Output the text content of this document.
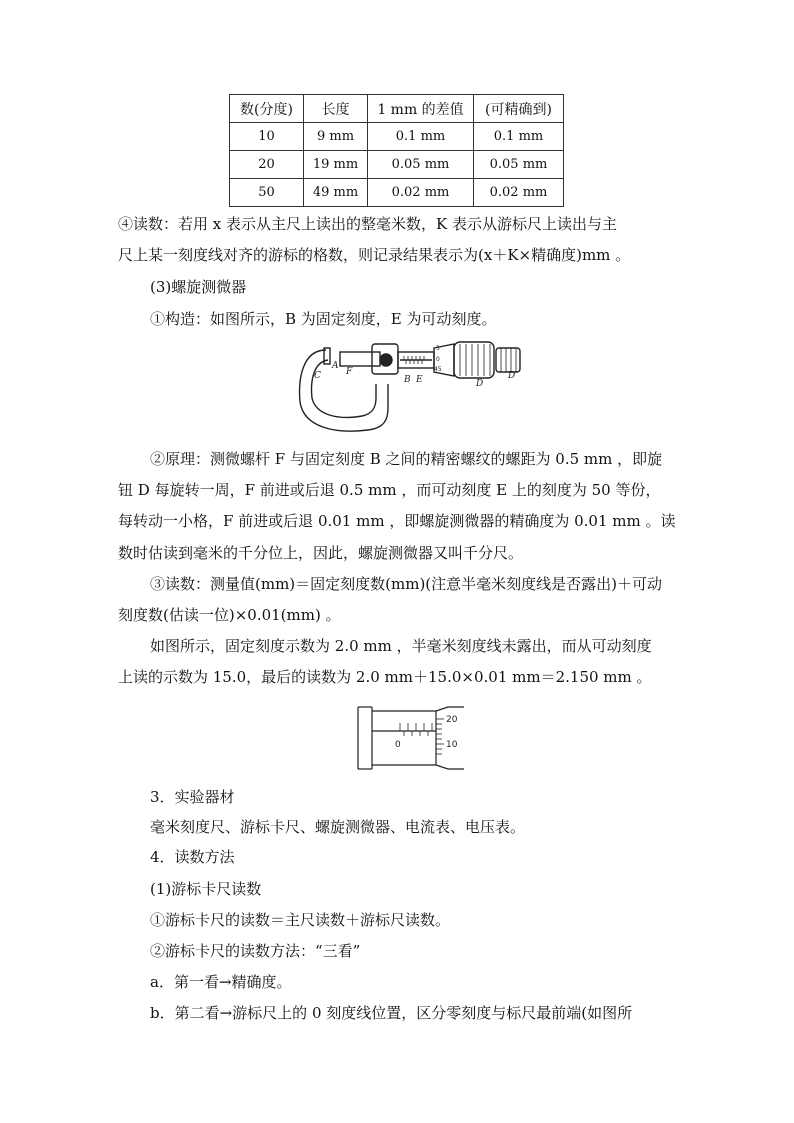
数(分度)	长度	1 mm 的差值	(可精确到)
10	9 mm	0.1 mm	0.1 mm
20	19 mm	0.05 mm	0.05 mm
50	49 mm	0.02 mm	0.02 mm
④读数：若用 x 表示从主尺上读出的整毫米数，K 表示从游标尺上读出与主
尺上某一刻度线对齐的游标的格数，则记录结果表示为(x＋K×精确度)mm 。
(3)螺旋测微器
①构造：如图所示，B 为固定刻度，E 为可动刻度。
A
F
C	B E	D
D′
5
0
45
②原理：测微螺杆 F 与固定刻度 B 之间的精密螺纹的螺距为 0.5 mm ，即旋
钮 D 每旋转一周，F 前进或后退 0.5 mm ，而可动刻度 E 上的刻度为 50 等份，
每转动一小格，F 前进或后退 0.01 mm ，即螺旋测微器的精确度为 0.01 mm 。读
数时估读到毫米的千分位上，因此，螺旋测微器又叫千分尺。
③读数：测量值(mm)＝固定刻度数(mm)(注意半毫米刻度线是否露出)＋可动
刻度数(估读一位)×0.01(mm) 。
如图所示，固定刻度示数为 2.0 mm ，半毫米刻度线未露出，而从可动刻度
上读的示数为 15.0，最后的读数为 2.0 mm＋15.0×0.01 mm＝2.150 mm 。
0
20
10
3．实验器材
毫米刻度尺、游标卡尺、螺旋测微器、电流表、电压表。
4．读数方法
(1)游标卡尺读数
①游标卡尺的读数＝主尺读数＋游标尺读数。
②游标卡尺的读数方法：“三看”
a．第一看→精确度。
b．第二看→游标尺上的 0 刻度线位置，区分零刻度与标尺最前端(如图所
